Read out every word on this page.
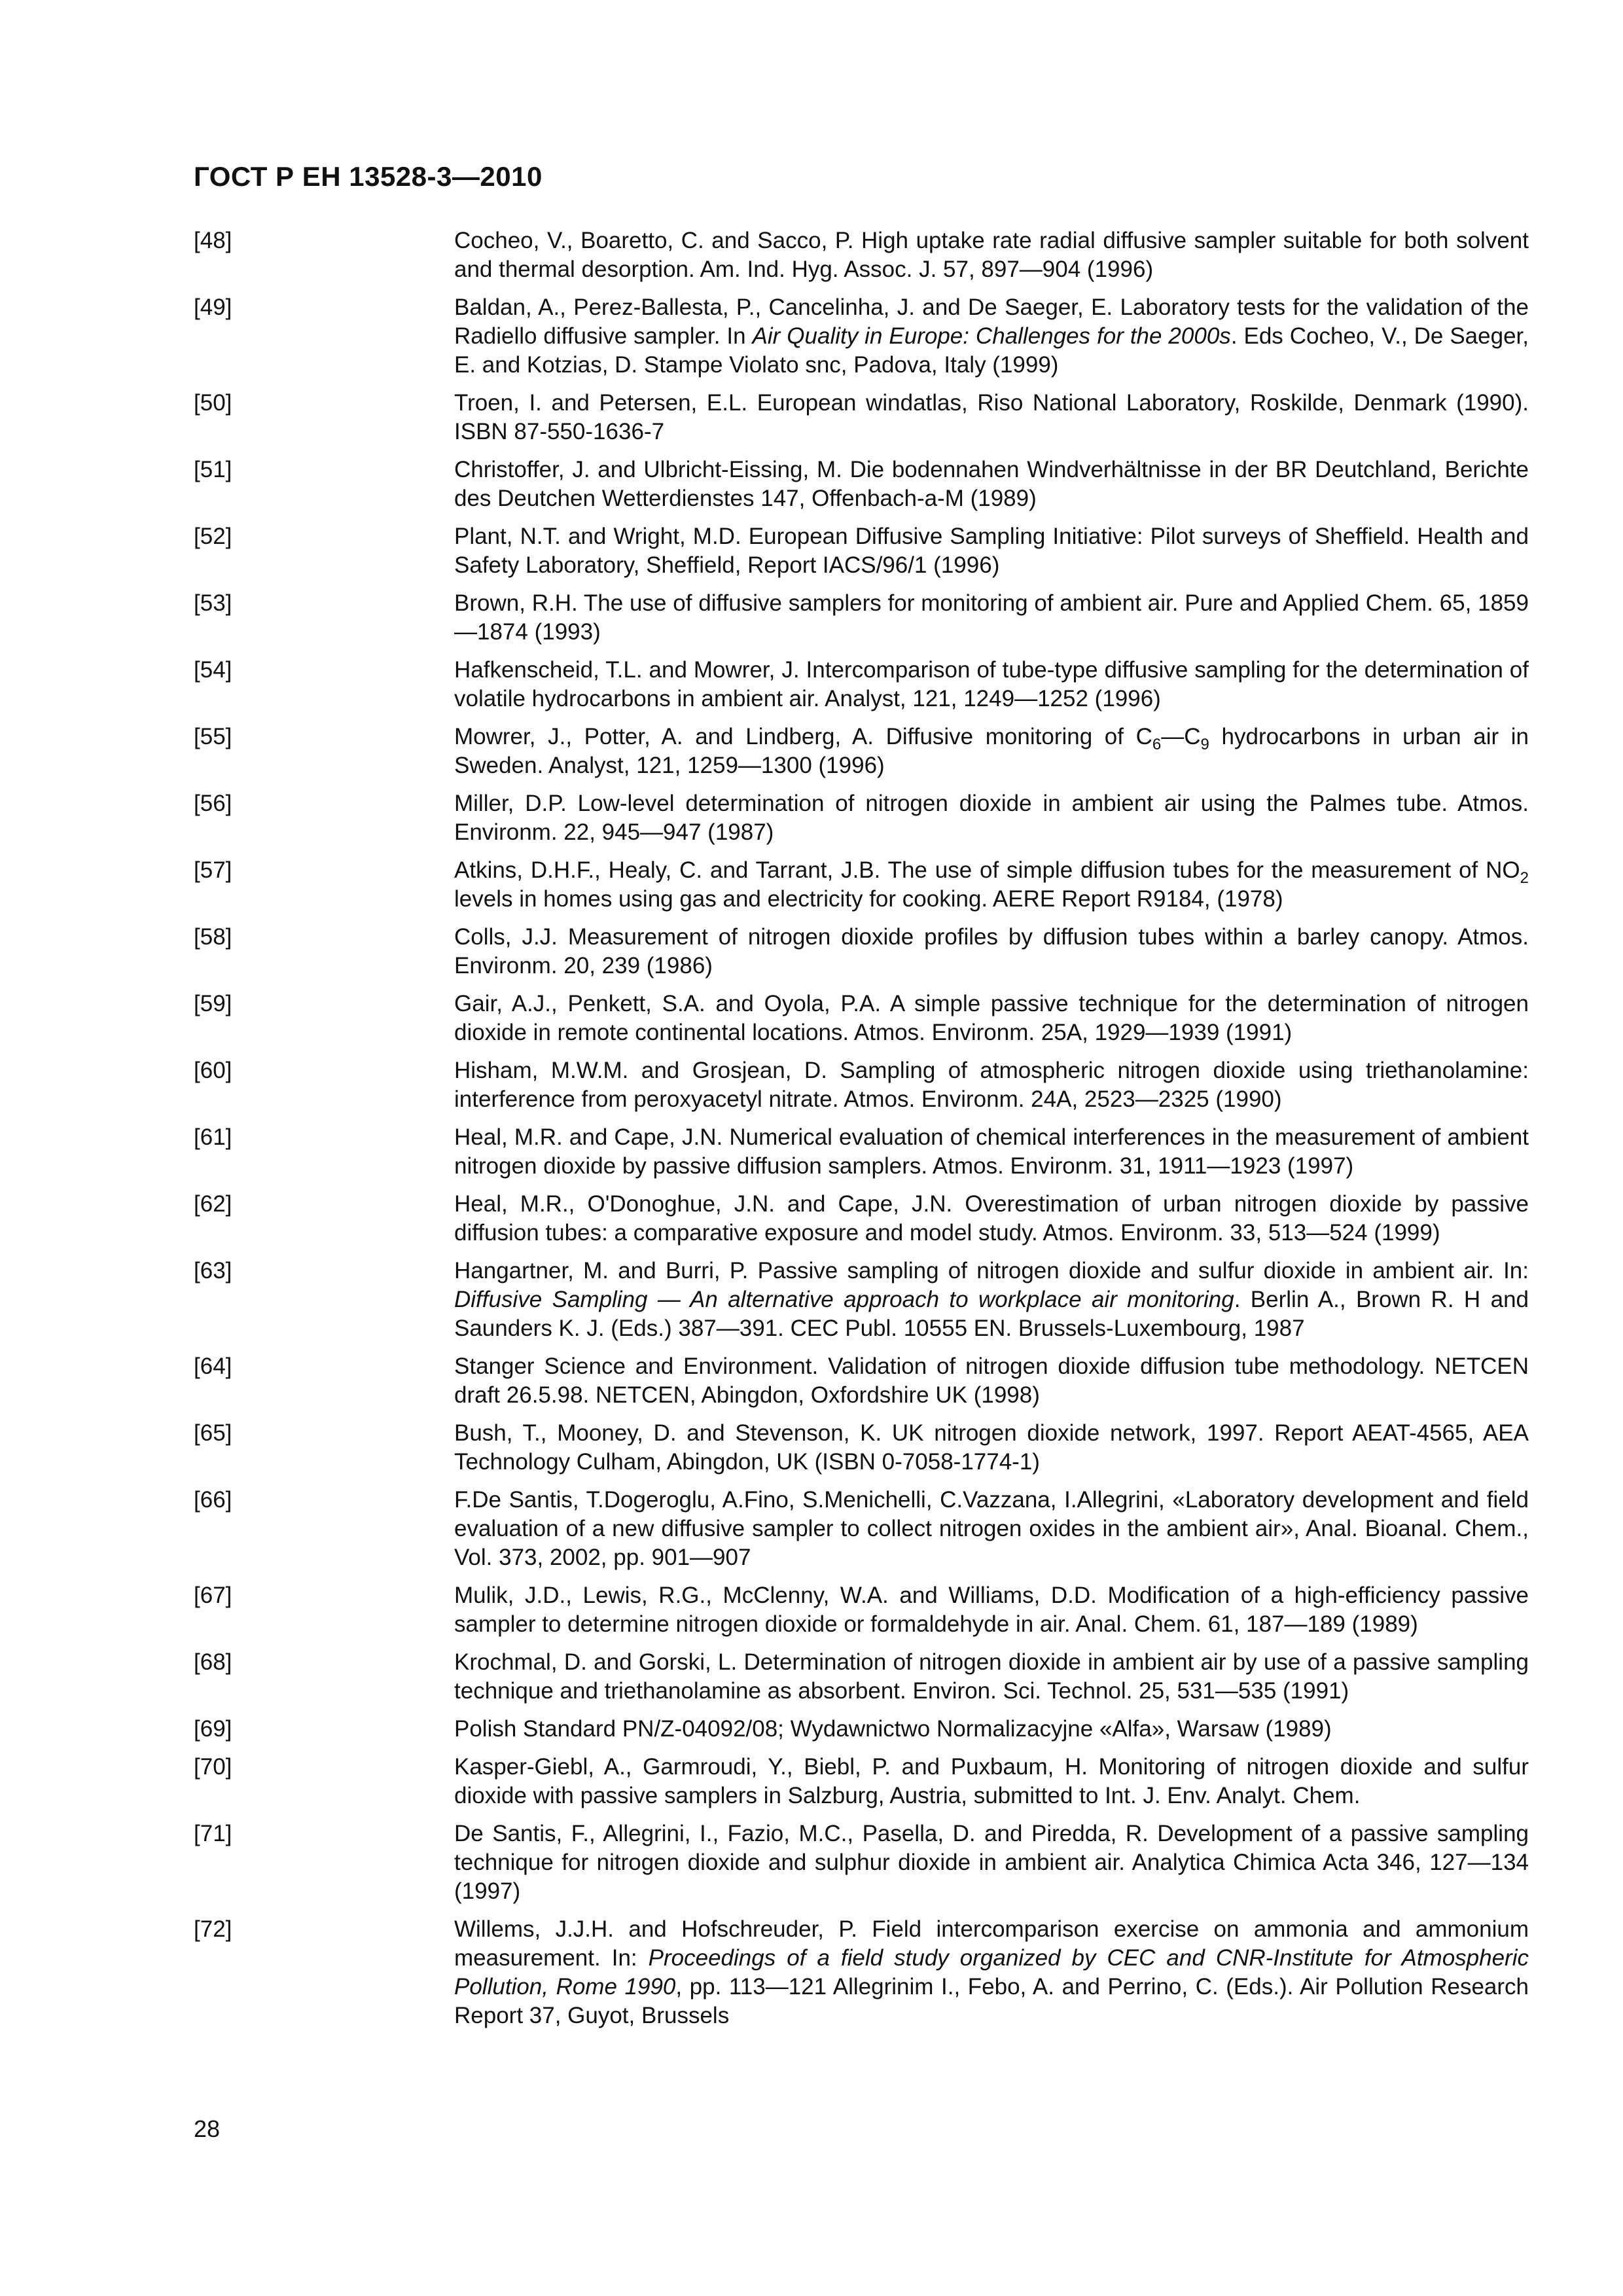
ГОСТ Р ЕН 13528-3—2010
[48]	Cocheo, V., Boaretto, C. and Sacco, P. High uptake rate radial diffusive sampler suitable for both solvent and thermal desorption. Am. Ind. Hyg. Assoc. J. 57, 897—904 (1996)
[49]	Baldan, A., Perez-Ballesta, P., Cancelinha, J. and De Saeger, E. Laboratory tests for the validation of the Radiello diffusive sampler. In Air Quality in Europe: Challenges for the 2000s. Eds Cocheo, V., De Saeger, E. and Kotzias, D. Stampe Violato snc, Padova, Italy (1999)
[50]	Troen, I. and Petersen, E.L. European windatlas, Riso National Laboratory, Roskilde, Denmark (1990). ISBN 87-550-1636-7
[51]	Christoffer, J. and Ulbricht-Eissing, M. Die bodennahen Windverhältnisse in der BR Deutchland, Berichte des Deutchen Wetterdienstes 147, Offenbach-a-M (1989)
[52]	Plant, N.T. and Wright, M.D. European Diffusive Sampling Initiative: Pilot surveys of Sheffield. Health and Safety Laboratory, Sheffield, Report IACS/96/1 (1996)
[53]	Brown, R.H. The use of diffusive samplers for monitoring of ambient air. Pure and Applied Chem. 65, 1859—1874 (1993)
[54]	Hafkenscheid, T.L. and Mowrer, J. Intercomparison of tube-type diffusive sampling for the determination of volatile hydrocarbons in ambient air. Analyst, 121, 1249—1252 (1996)
[55]	Mowrer, J., Potter, A. and Lindberg, A. Diffusive monitoring of $C_6—C_9$ hydrocarbons in urban air in Sweden. Analyst, 121, 1259—1300 (1996)
[56]	Miller, D.P. Low-level determination of nitrogen dioxide in ambient air using the Palmes tube. Atmos. Environm. 22, 945—947 (1987)
[57]	Atkins, D.H.F., Healy, C. and Tarrant, J.B. The use of simple diffusion tubes for the measurement of $NO_2$ levels in homes using gas and electricity for cooking. AERE Report R9184, (1978)
[58]	Colls, J.J. Measurement of nitrogen dioxide profiles by diffusion tubes within a barley canopy. Atmos. Environm. 20, 239 (1986)
[59]	Gair, A.J., Penkett, S.A. and Oyola, P.A. A simple passive technique for the determination of nitrogen dioxide in remote continental locations. Atmos. Environm. 25A, 1929—1939 (1991)
[60]	Hisham, M.W.M. and Grosjean, D. Sampling of atmospheric nitrogen dioxide using triethanolamine: interference from peroxyacetyl nitrate. Atmos. Environm. 24A, 2523—2325 (1990)
[61]	Heal, M.R. and Cape, J.N. Numerical evaluation of chemical interferences in the measurement of ambient nitrogen dioxide by passive diffusion samplers. Atmos. Environm. 31, 1911—1923 (1997)
[62]	Heal, M.R., O'Donoghue, J.N. and Cape, J.N. Overestimation of urban nitrogen dioxide by passive diffusion tubes: a comparative exposure and model study. Atmos. Environm. 33, 513—524 (1999)
[63]	Hangartner, M. and Burri, P. Passive sampling of nitrogen dioxide and sulfur dioxide in ambient air. In: Diffusive Sampling — An alternative approach to workplace air monitoring. Berlin A., Brown R. H and Saunders K. J. (Eds.) 387—391. CEC Publ. 10555 EN. Brussels-Luxembourg, 1987
[64]	Stanger Science and Environment. Validation of nitrogen dioxide diffusion tube methodology. NETCEN draft 26.5.98. NETCEN, Abingdon, Oxfordshire UK (1998)
[65]	Bush, T., Mooney, D. and Stevenson, K. UK nitrogen dioxide network, 1997. Report AEAT-4565, AEA Technology Culham, Abingdon, UK (ISBN 0-7058-1774-1)
[66]	F.De Santis, T.Dogeroglu, A.Fino, S.Menichelli, C.Vazzana, I.Allegrini, «Laboratory development and field evaluation of a new diffusive sampler to collect nitrogen oxides in the ambient air», Anal. Bioanal. Chem., Vol. 373, 2002, pp. 901—907
[67]	Mulik, J.D., Lewis, R.G., McClenny, W.A. and Williams, D.D. Modification of a high-efficiency passive sampler to determine nitrogen dioxide or formaldehyde in air. Anal. Chem. 61, 187—189 (1989)
[68]	Krochmal, D. and Gorski, L. Determination of nitrogen dioxide in ambient air by use of a passive sampling technique and triethanolamine as absorbent. Environ. Sci. Technol. 25, 531—535 (1991)
[69]	Polish Standard PN/Z-04092/08; Wydawnictwo Normalizacyjne «Alfa», Warsaw (1989)
[70]	Kasper-Giebl, A., Garmroudi, Y., Biebl, P. and Puxbaum, H. Monitoring of nitrogen dioxide and sulfur dioxide with passive samplers in Salzburg, Austria, submitted to Int. J. Env. Analyt. Chem.
[71]	De Santis, F., Allegrini, I., Fazio, M.C., Pasella, D. and Piredda, R. Development of a passive sampling technique for nitrogen dioxide and sulphur dioxide in ambient air. Analytica Chimica Acta 346, 127—134 (1997)
[72]	Willems, J.J.H. and Hofschreuder, P. Field intercomparison exercise on ammonia and ammonium measurement. In: Proceedings of a field study organized by CEC and CNR-Institute for Atmospheric Pollution, Rome 1990, pp. 113—121 Allegrinim I., Febo, A. and Perrino, C. (Eds.). Air Pollution Research Report 37, Guyot, Brussels
28
